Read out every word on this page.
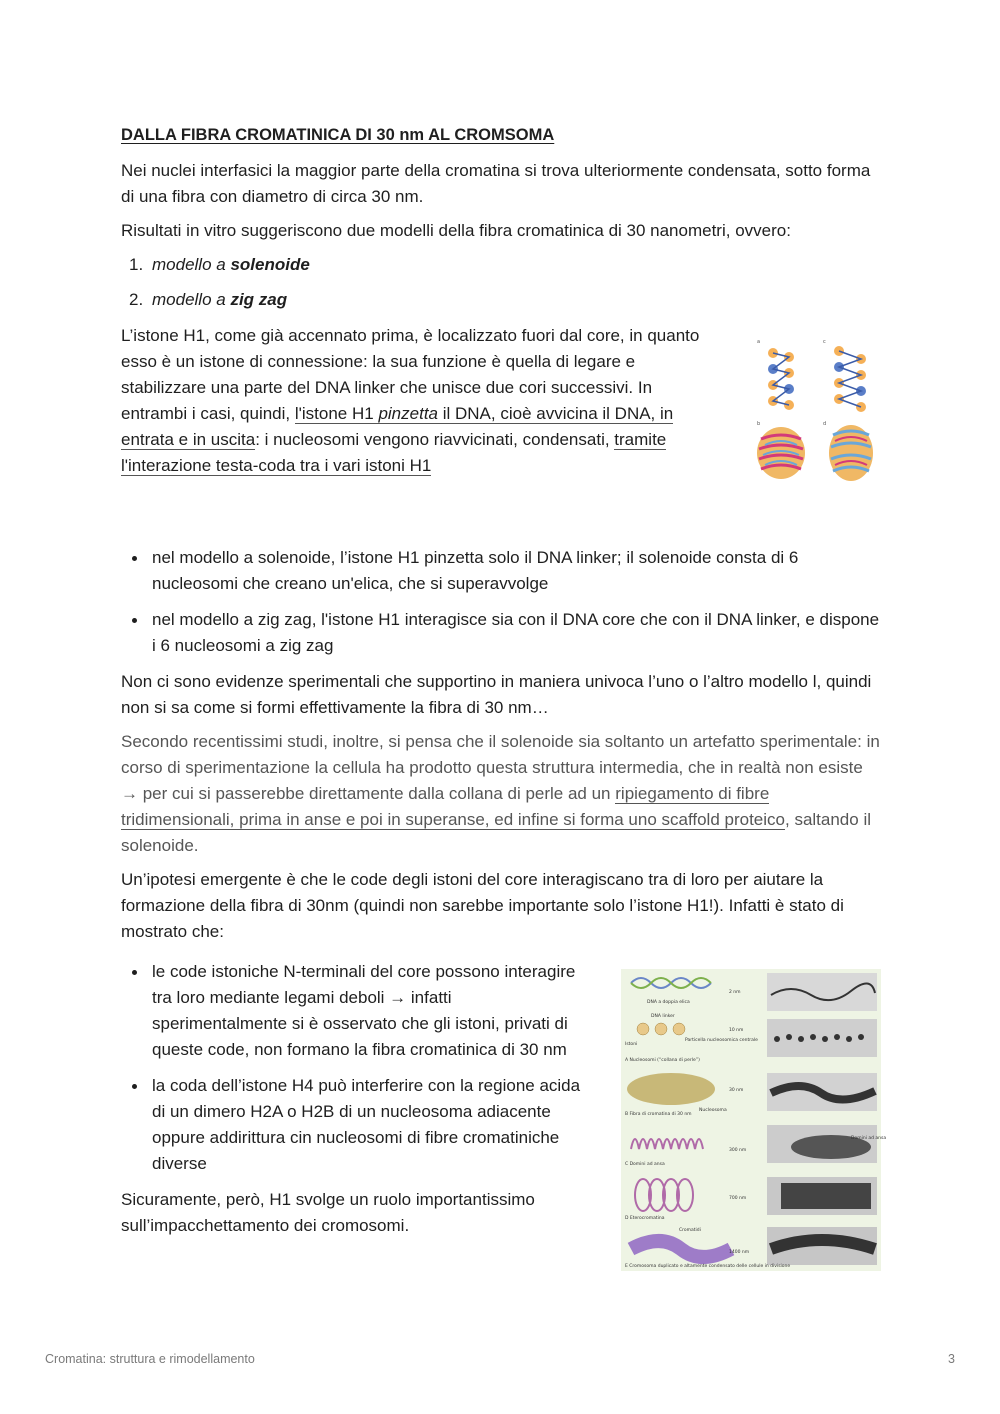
DALLA FIBRA CROMATINICA DI 30 nm AL CROMSOMA

Nei nuclei interfasici la maggior parte della cromatina si trova ulteriormente condensata, sotto forma di una fibra con diametro di circa 30 nm.

Risultati in vitro suggeriscono due modelli della fibra cromatinica di 30 nanometri, ovvero:

1. modello a solenoide
2. modello a zig zag
L’istone H1, come già accennato prima, è localizzato fuori dal core, in quanto esso è un istone di connessione: la sua funzione è quella di legare e stabilizzare una parte del DNA linker che unisce due cori successivi. In entrambi i casi, quindi, l'istone H1 pinzetta il DNA, cioè avvicina il DNA, in entrata e in uscita: i nucleosomi vengono riavvicinati, condensati, tramite l'interazione testa-coda tra i vari istoni H1
a	c
b	d
nel modello a solenoide, l’istone H1 pinzetta solo il DNA linker; il solenoide consta di 6 nucleosomi che creano un'elica, che si superavvolge
nel modello a zig zag, l'istone H1 interagisce sia con il DNA core che con il DNA linker, e dispone i 6 nucleosomi a zig zag

Non ci sono evidenze sperimentali che supportino in maniera univoca l’uno o l’altro modello l, quindi non si sa come si formi effettivamente la fibra di 30 nm…

Secondo recentissimi studi, inoltre, si pensa che il solenoide sia soltanto un artefatto sperimentale: in corso di sperimentazione la cellula ha prodotto questa struttura intermedia, che in realtà non esiste → per cui si passerebbe direttamente dalla collana di perle ad un ripiegamento di fibre tridimensionali, prima in anse e poi in superanse, ed infine si forma uno scaffold proteico, saltando il solenoide.

Un’ipotesi emergente è che le code degli istoni del core interagiscano tra di loro per aiutare la formazione della fibra di 30nm (quindi non sarebbe importante solo l’istone H1!). Infatti è stato di mostrato che:

le code istoniche N-terminali del core possono interagire tra loro mediante legami deboli → infatti sperimentalmente si è osservato che gli istoni, privati di queste code, non formano la fibra cromatinica di 30 nm
la coda dell’istone H4 può interferire con la regione acida di un dimero H2A o H2B di un nucleosoma adiacente oppure addirittura cin nucleosomi di fibre cromatiniche diverse

Sicuramente, però, H1 svolge un ruolo importantissimo sull’impacchettamento dei cromosomi.

DNA a doppia elica
2 nm
DNA linker
Particella nucleosomica centrale
Istoni
10 nm
A Nucleosomi (“collana di perle”)
30 nm
Nucleosoma
B Fibra di cromatina di 30 nm
300 nm
Domini ad ansa
C Domini ad ansa
700 nm
D Eterocromatina
Cromatidi
1400 nm
E Cromosoma duplicato e altamente condensato delle cellule in divisione
Cromatina: struttura e rimodellamento	3
